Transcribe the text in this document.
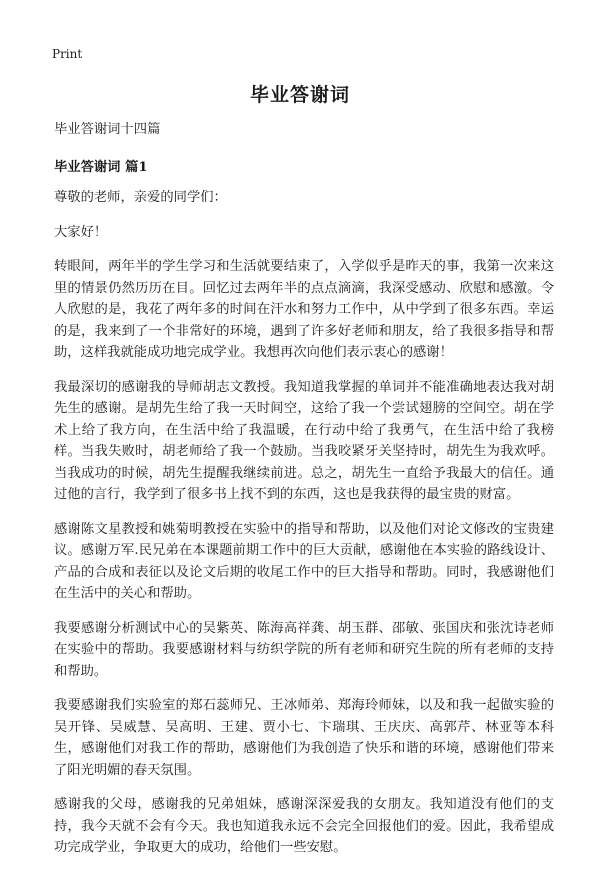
Print
毕业答谢词

毕业答谢词十四篇

毕业答谢词 篇1

尊敬的老师，亲爱的同学们：

大家好！

转眼间，两年半的学生学习和生活就要结束了，入学似乎是昨天的事，我第一次来这里的情景仍然历历在目。回忆过去两年半的点点滴滴，我深受感动、欣慰和感激。令人欣慰的是，我花了两年多的时间在汗水和努力工作中，从中学到了很多东西。幸运的是，我来到了一个非常好的环境，遇到了许多好老师和朋友，给了我很多指导和帮助，这样我就能成功地完成学业。我想再次向他们表示衷心的感谢！

我最深切的感谢我的导师胡志文教授。我知道我掌握的单词并不能准确地表达我对胡先生的感谢。是胡先生给了我一天时间空，这给了我一个尝试翅膀的空间空。胡在学术上给了我方向，在生活中给了我温暖，在行动中给了我勇气，在生活中给了我榜样。当我失败时，胡老师给了我一个鼓励。当我咬紧牙关坚持时，胡先生为我欢呼。当我成功的时候，胡先生提醒我继续前进。总之，胡先生一直给予我最大的信任。通过他的言行，我学到了很多书上找不到的东西，这也是我获得的最宝贵的财富。

感谢陈文星教授和姚菊明教授在实验中的指导和帮助，以及他们对论文修改的宝贵建议。感谢万军.民兄弟在本课题前期工作中的巨大贡献，感谢他在本实验的路线设计、产品的合成和表征以及论文后期的收尾工作中的巨大指导和帮助。同时，我感谢他们在生活中的关心和帮助。

我要感谢分析测试中心的吴紫英、陈海高祥龚、胡玉群、邵敏、张国庆和张沈诗老师在实验中的帮助。我要感谢材料与纺织学院的所有老师和研究生院的所有老师的支持和帮助。

我要感谢我们实验室的郑石蕊师兄、王冰师弟、郑海玲师妹，以及和我一起做实验的吴开锋、吴威慧、吴高明、王建、贾小七、卞瑞琪、王庆庆、高郭芹、林亚等本科生，感谢他们对我工作的帮助，感谢他们为我创造了快乐和谐的环境，感谢他们带来了阳光明媚的春天氛围。

感谢我的父母，感谢我的兄弟姐妹，感谢深深爱我的女朋友。我知道没有他们的支持，我今天就不会有今天。我也知道我永远不会完全回报他们的爱。因此，我希望成功完成学业，争取更大的成功，给他们一些安慰。
